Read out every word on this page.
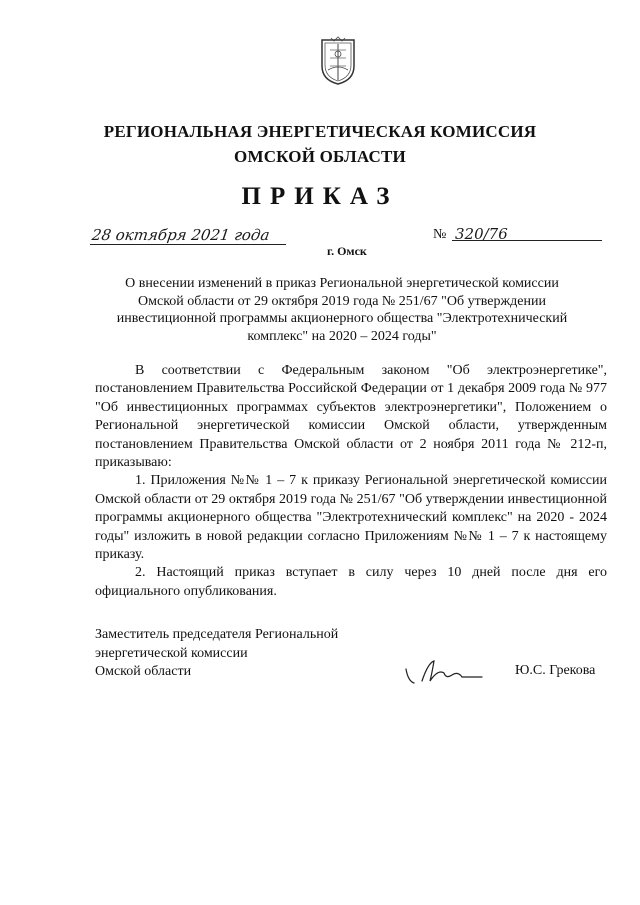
РЕГИОНАЛЬНАЯ ЭНЕРГЕТИЧЕСКАЯ КОМИССИЯ
ОМСКОЙ ОБЛАСТИ
ПРИКАЗ
28 октября 2021 года
г. Омск
№ 320/76
О внесении изменений в приказ Региональной энергетической комиссии Омской области от 29 октября 2019 года № 251/67 "Об утверждении инвестиционной программы акционерного общества "Электротехнический комплекс" на 2020 – 2024 годы"

В соответствии с Федеральным законом "Об электроэнергетике", постановлением Правительства Российской Федерации от 1 декабря 2009 года № 977 "Об инвестиционных программах субъектов электроэнергетики", Положением о Региональной энергетической комиссии Омской области, утвержденным постановлением Правительства Омской области от 2 ноября 2011 года № 212-п, приказываю:

1. Приложения №№ 1 – 7 к приказу Региональной энергетической комиссии Омской области от 29 октября 2019 года № 251/67 "Об утверждении инвестиционной программы акционерного общества "Электротехнический комплекс" на 2020 - 2024 годы" изложить в новой редакции согласно Приложениям №№ 1 – 7 к настоящему приказу.

2. Настоящий приказ вступает в силу через 10 дней после дня его официального опубликования.

Заместитель председателя Региональной
энергетической комиссии
Омской области	Ю.С. Грекова
